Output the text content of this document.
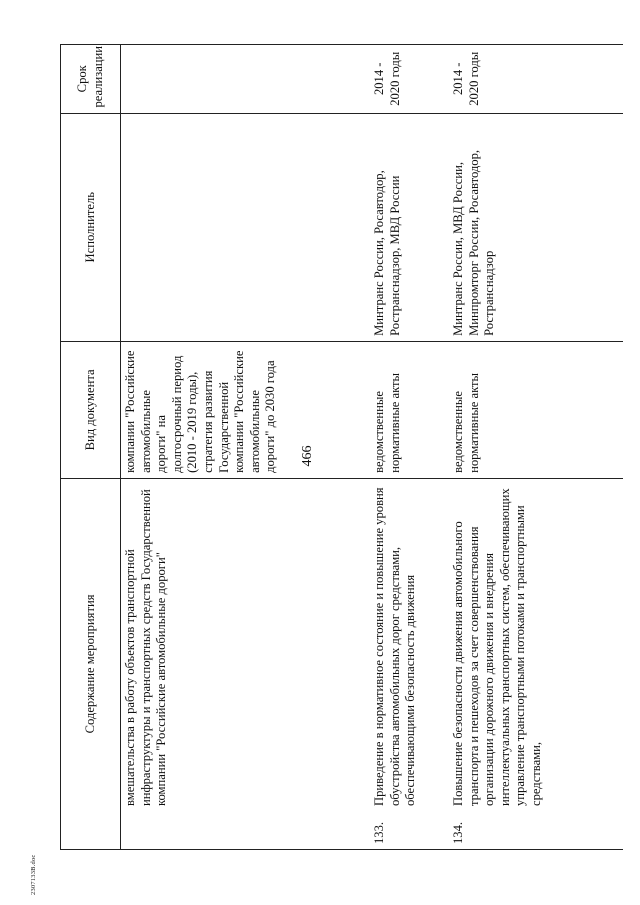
466
Содержание мероприятия	Вид документа	Исполнитель	Срок реализации

вмешательства в работу объектов транспортной инфраструктуры и транспортных средств Государственной компании "Российские автомобильные дороги"	компании "Российские автомобильные дороги" на долгосрочный период (2010 - 2019 годы), стратегия развития Государственной компании "Российские автомобильные дороги" до 2030 года		

133.
Приведение в нормативное состояние и повышение уровня обустройства автомобильных дорог средствами, обеспечивающими безопасность движения	ведомственные нормативные акты	Минтранс России, Росавтодор, Ространснадзор, МВД России	2014 - 2020 годы

134.
Повышение безопасности движения автомобильного транспорта и пешеходов за счет совершенствования организации дорожного движения и внедрения интеллектуальных транспортных систем, обеспечивающих управление транспортными потоками и транспортными средствами,	ведомственные нормативные акты	Минтранс России, МВД России, Минпромторг России, Росавтодор, Ространснадзор	2014 - 2020 годы
2307133В.doc
